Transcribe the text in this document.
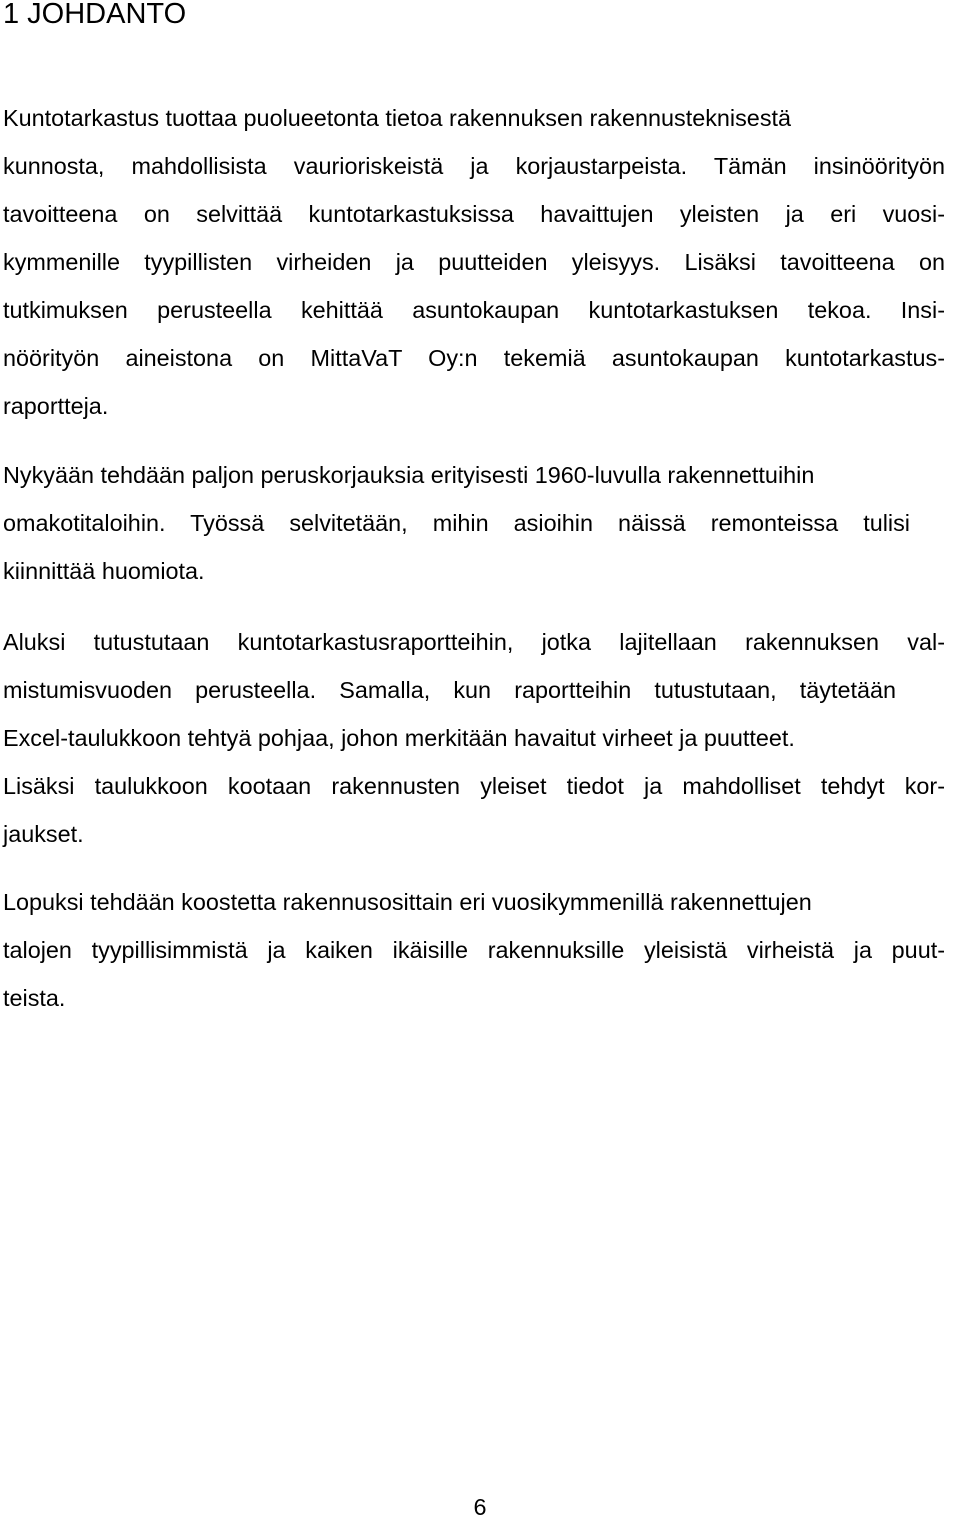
1 JOHDANTO

Kuntotarkastus tuottaa puolueetonta tietoa rakennuksen rakennusteknisestä
kunnosta, mahdollisista vaurioriskeistä ja korjaustarpeista. Tämän insinöörityön
tavoitteena on selvittää kuntotarkastuksissa havaittujen yleisten ja eri vuosi-
kymmenille tyypillisten virheiden ja puutteiden yleisyys. Lisäksi tavoitteena on
tutkimuksen perusteella kehittää asuntokaupan kuntotarkastuksen tekoa. Insi-
nöörityön aineistona on MittaVaT Oy:n tekemiä asuntokaupan kuntotarkastus-
raportteja.

Nykyään tehdään paljon peruskorjauksia erityisesti 1960-luvulla rakennettuihin
omakotitaloihin. Työssä selvitetään, mihin asioihin näissä remonteissa tulisi
kiinnittää huomiota.

Aluksi tutustutaan kuntotarkastusraportteihin, jotka lajitellaan rakennuksen val-
mistumisvuoden perusteella. Samalla, kun raportteihin tutustutaan, täytetään
Excel-taulukkoon tehtyä pohjaa, johon merkitään havaitut virheet ja puutteet.
Lisäksi taulukkoon kootaan rakennusten yleiset tiedot ja mahdolliset tehdyt kor-
jaukset.

Lopuksi tehdään koostetta rakennusosittain eri vuosikymmenillä rakennettujen
talojen tyypillisimmistä ja kaiken ikäisille rakennuksille yleisistä virheistä ja puut-
teista.

6
